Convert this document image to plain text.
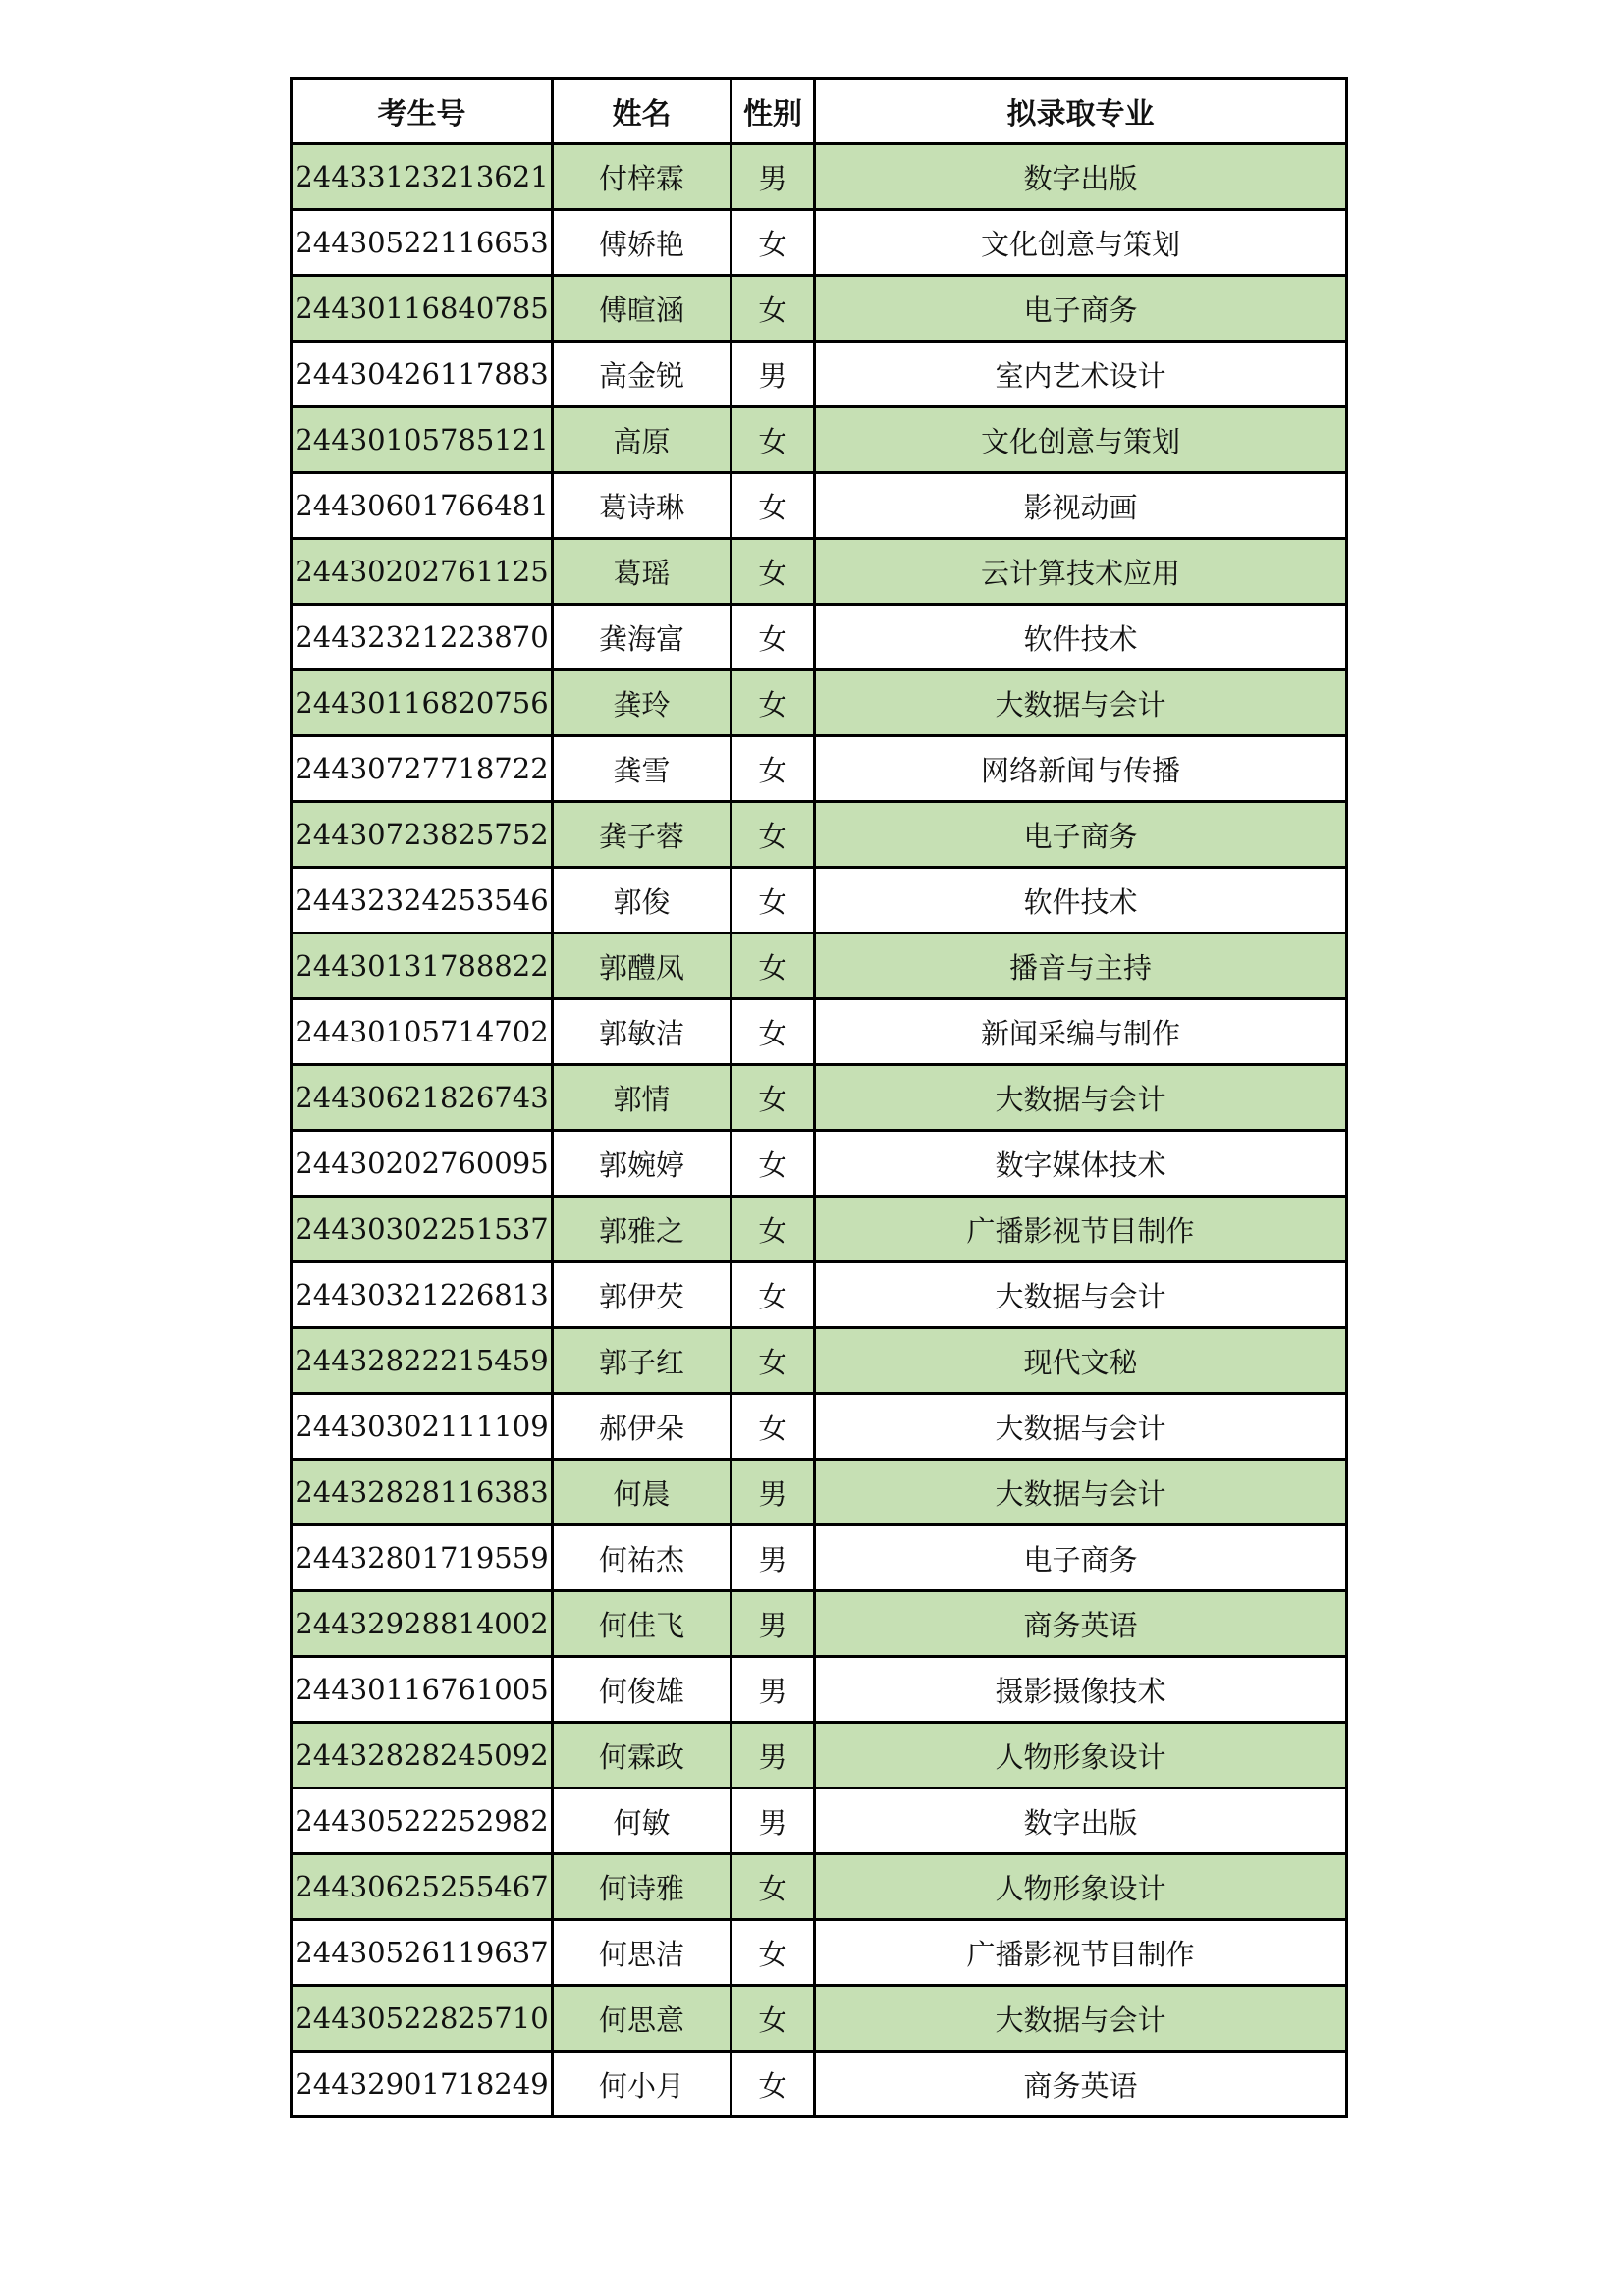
考生号	姓名	性别	拟录取专业
24433123213621	付梓霖	男	数字出版
24430522116653	傅娇艳	女	文化创意与策划
24430116840785	傅暄涵	女	电子商务
24430426117883	高金锐	男	室内艺术设计
24430105785121	高原	女	文化创意与策划
24430601766481	葛诗琳	女	影视动画
24430202761125	葛瑶	女	云计算技术应用
24432321223870	龚海富	女	软件技术
24430116820756	龚玲	女	大数据与会计
24430727718722	龚雪	女	网络新闻与传播
24430723825752	龚子蓉	女	电子商务
24432324253546	郭俊	女	软件技术
24430131788822	郭醴凤	女	播音与主持
24430105714702	郭敏洁	女	新闻采编与制作
24430621826743	郭情	女	大数据与会计
24430202760095	郭婉婷	女	数字媒体技术
24430302251537	郭雅之	女	广播影视节目制作
24430321226813	郭伊芡	女	大数据与会计
24432822215459	郭子红	女	现代文秘
24430302111109	郝伊朵	女	大数据与会计
24432828116383	何晨	男	大数据与会计
24432801719559	何祐杰	男	电子商务
24432928814002	何佳飞	男	商务英语
24430116761005	何俊雄	男	摄影摄像技术
24432828245092	何霖政	男	人物形象设计
24430522252982	何敏	男	数字出版
24430625255467	何诗雅	女	人物形象设计
24430526119637	何思洁	女	广播影视节目制作
24430522825710	何思意	女	大数据与会计
24432901718249	何小月	女	商务英语
